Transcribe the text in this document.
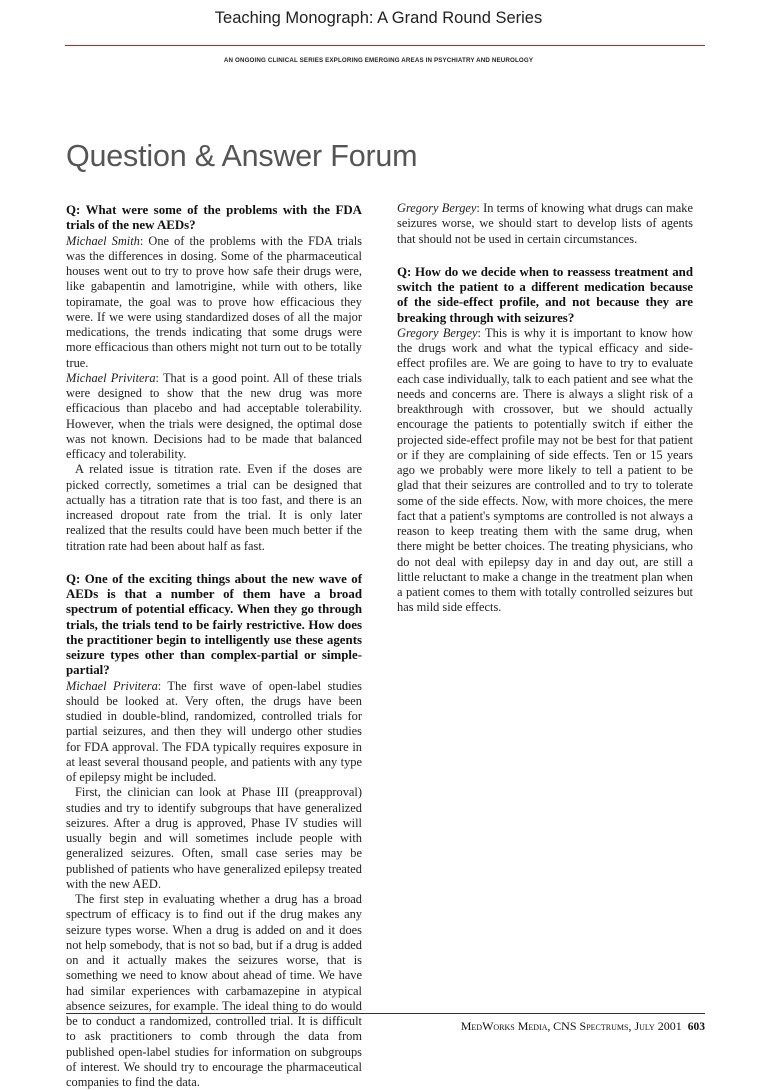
Teaching Monograph: A Grand Round Series

AN ONGOING CLINICAL SERIES EXPLORING EMERGING AREAS IN PSYCHIATRY AND NEUROLOGY

Question & Answer Forum

Q: What were some of the problems with the FDA trials of the new AEDs?

Michael Smith: One of the problems with the FDA trials was the differences in dosing. Some of the pharmaceutical houses went out to try to prove how safe their drugs were, like gabapentin and lamotrigine, while with others, like topiramate, the goal was to prove how efficacious they were. If we were using standardized doses of all the major medications, the trends indicating that some drugs were more efficacious than others might not turn out to be totally true.

Michael Privitera: That is a good point. All of these trials were designed to show that the new drug was more efficacious than placebo and had acceptable tolerability. However, when the trials were designed, the optimal dose was not known. Decisions had to be made that balanced efficacy and tolerability.

A related issue is titration rate. Even if the doses are picked correctly, sometimes a trial can be designed that actually has a titration rate that is too fast, and there is an increased dropout rate from the trial. It is only later realized that the results could have been much better if the titration rate had been about half as fast.

Q: One of the exciting things about the new wave of AEDs is that a number of them have a broad spectrum of potential efficacy. When they go through trials, the trials tend to be fairly restrictive. How does the practitioner begin to intelligently use these agents seizure types other than complex-partial or simple-partial?

Michael Privitera: The first wave of open-label studies should be looked at. Very often, the drugs have been studied in double-blind, randomized, controlled trials for partial seizures, and then they will undergo other studies for FDA approval. The FDA typically requires exposure in at least several thousand people, and patients with any type of epilepsy might be included.

First, the clinician can look at Phase III (preapproval) studies and try to identify subgroups that have generalized seizures. After a drug is approved, Phase IV studies will usually begin and will sometimes include people with generalized seizures. Often, small case series may be published of patients who have generalized epilepsy treated with the new AED.

The first step in evaluating whether a drug has a broad spectrum of efficacy is to find out if the drug makes any seizure types worse. When a drug is added on and it does not help somebody, that is not so bad, but if a drug is added on and it actually makes the seizures worse, that is something we need to know about ahead of time. We have had similar experiences with carbamazepine in atypical absence seizures, for example. The ideal thing to do would be to conduct a randomized, controlled trial. It is difficult to ask practitioners to comb through the data from published open-label studies for information on subgroups of interest. We should try to encourage the pharmaceutical companies to find the data.

Gregory Bergey: In terms of knowing what drugs can make seizures worse, we should start to develop lists of agents that should not be used in certain circumstances.

Q: How do we decide when to reassess treatment and switch the patient to a different medication because of the side-effect profile, and not because they are breaking through with seizures?

Gregory Bergey: This is why it is important to know how the drugs work and what the typical efficacy and side-effect profiles are. We are going to have to try to evaluate each case individually, talk to each patient and see what the needs and concerns are. There is always a slight risk of a breakthrough with crossover, but we should actually encourage the patients to potentially switch if either the projected side-effect profile may not be best for that patient or if they are complaining of side effects. Ten or 15 years ago we probably were more likely to tell a patient to be glad that their seizures are controlled and to try to tolerate some of the side effects. Now, with more choices, the mere fact that a patient's symptoms are controlled is not always a reason to keep treating them with the same drug, when there might be better choices. The treating physicians, who do not deal with epilepsy day in and day out, are still a little reluctant to make a change in the treatment plan when a patient comes to them with totally controlled seizures but has mild side effects.

MedWorks Media, CNS Spectrums, July 2001 603
